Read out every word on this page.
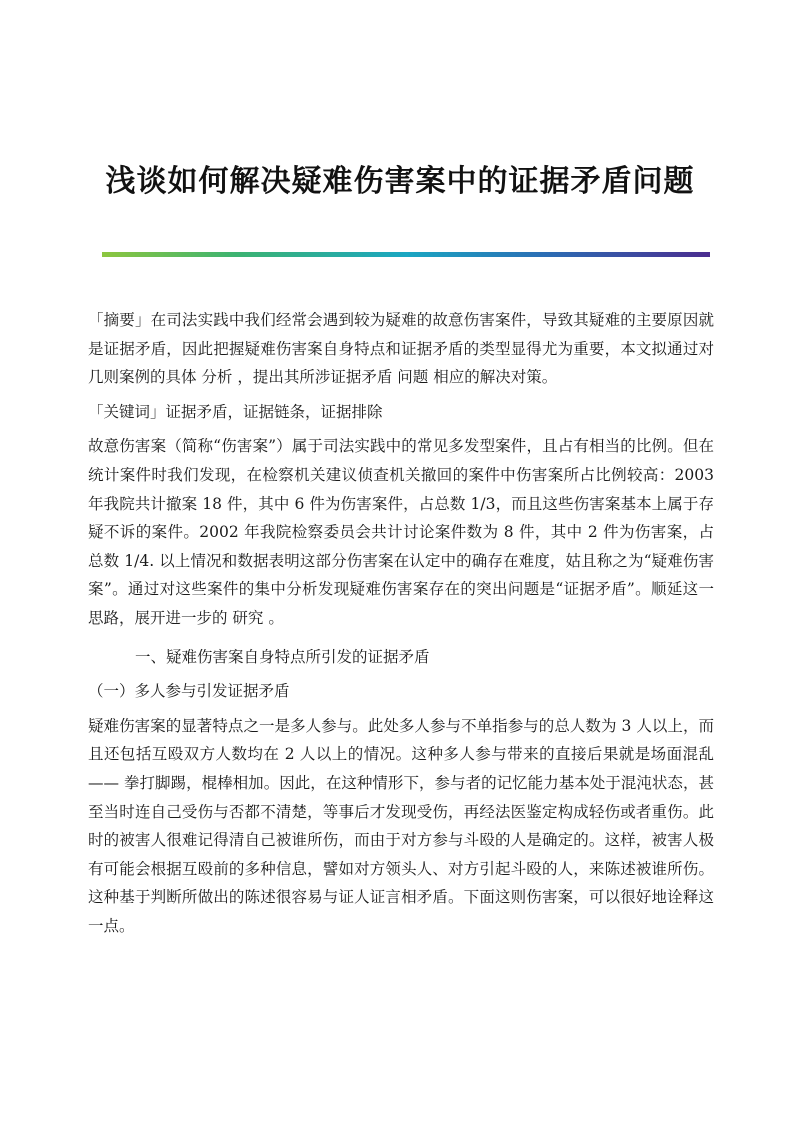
浅谈如何解决疑难伤害案中的证据矛盾问题

「摘要」在司法实践中我们经常会遇到较为疑难的故意伤害案件，导致其疑难的主要原因就是证据矛盾，因此把握疑难伤害案自身特点和证据矛盾的类型显得尤为重要，本文拟通过对几则案例的具体 分析 ，提出其所涉证据矛盾 问题 相应的解决对策。

「关键词」证据矛盾，证据链条，证据排除

故意伤害案（简称“伤害案”）属于司法实践中的常见多发型案件，且占有相当的比例。但在统计案件时我们发现，在检察机关建议侦查机关撤回的案件中伤害案所占比例较高：2003年我院共计撤案 18 件，其中 6 件为伤害案件，占总数 1/3，而且这些伤害案基本上属于存疑不诉的案件。2002 年我院检察委员会共计讨论案件数为 8 件，其中 2 件为伤害案，占总数 1/4. 以上情况和数据表明这部分伤害案在认定中的确存在难度，姑且称之为“疑难伤害案”。通过对这些案件的集中分析发现疑难伤害案存在的突出问题是“证据矛盾”。顺延这一思路，展开进一步的 研究 。

一、疑难伤害案自身特点所引发的证据矛盾

（一）多人参与引发证据矛盾

疑难伤害案的显著特点之一是多人参与。此处多人参与不单指参与的总人数为 3 人以上，而且还包括互殴双方人数均在 2 人以上的情况。这种多人参与带来的直接后果就是场面混乱—— 拳打脚踢，棍棒相加。因此，在这种情形下，参与者的记忆能力基本处于混沌状态，甚至当时连自己受伤与否都不清楚，等事后才发现受伤，再经法医鉴定构成轻伤或者重伤。此时的被害人很难记得清自己被谁所伤，而由于对方参与斗殴的人是确定的。这样，被害人极有可能会根据互殴前的多种信息，譬如对方领头人、对方引起斗殴的人，来陈述被谁所伤。这种基于判断所做出的陈述很容易与证人证言相矛盾。下面这则伤害案，可以很好地诠释这一点。
